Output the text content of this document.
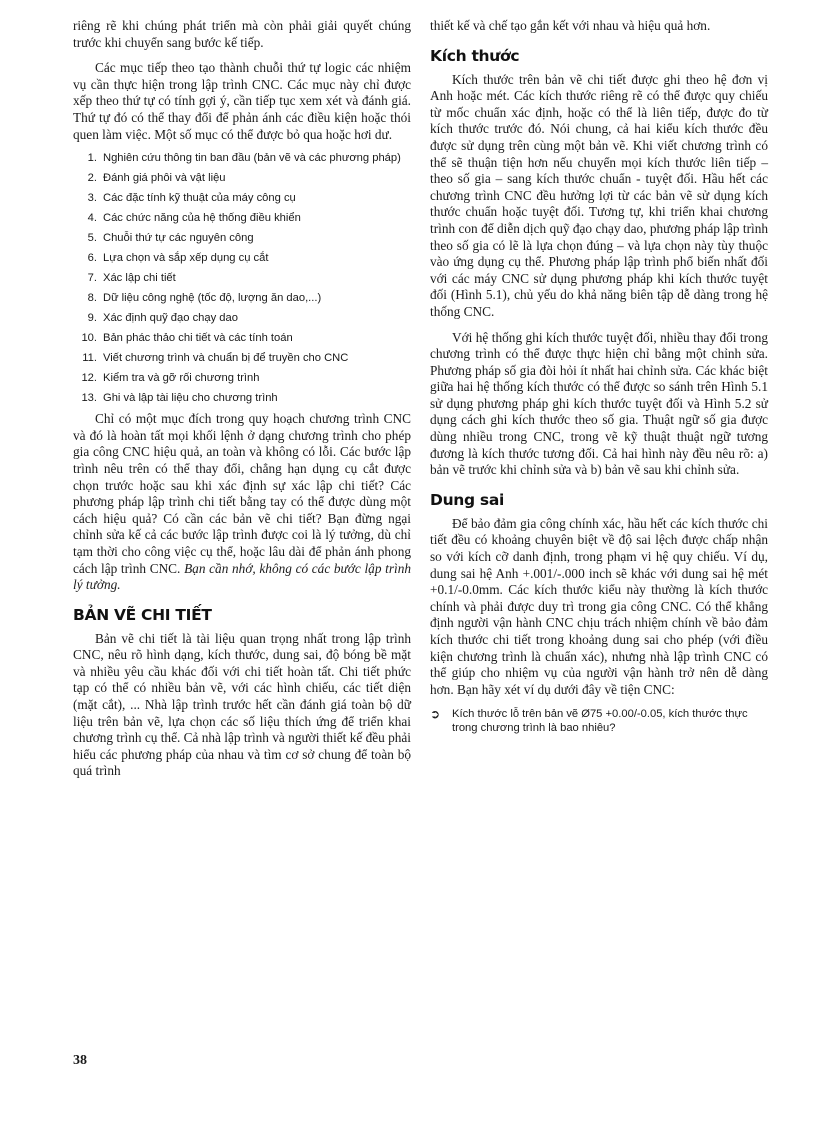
riêng rẽ khi chúng phát triển mà còn phải giải quyết chúng trước khi chuyển sang bước kế tiếp.

Các mục tiếp theo tạo thành chuỗi thứ tự logic các nhiệm vụ cần thực hiện trong lập trình CNC. Các mục này chỉ được xếp theo thứ tự có tính gợi ý, cần tiếp tục xem xét và đánh giá. Thứ tự đó có thể thay đổi để phản ánh các điều kiện hoặc thói quen làm việc. Một số mục có thể được bỏ qua hoặc hơi dư.

1. Nghiên cứu thông tin ban đầu (bản vẽ và các phương pháp)
2. Đánh giá phôi và vật liệu
3. Các đặc tính kỹ thuật của máy công cụ
4. Các chức năng của hệ thống điều khiển
5. Chuỗi thứ tự các nguyên công
6. Lựa chọn và sắp xếp dụng cụ cắt
7. Xác lập chi tiết
8. Dữ liệu công nghệ (tốc độ, lượng ăn dao,...)
9. Xác định quỹ đạo chạy dao
10. Bản phác thảo chi tiết và các tính toán
11. Viết chương trình và chuẩn bị để truyền cho CNC
12. Kiểm tra và gỡ rối chương trình
13. Ghi và lập tài liệu cho chương trình

Chỉ có một mục đích trong quy hoạch chương trình CNC và đó là hoàn tất mọi khối lệnh ở dạng chương trình cho phép gia công CNC hiệu quả, an toàn và không có lỗi. Các bước lập trình nêu trên có thể thay đổi, chẳng hạn dụng cụ cắt được chọn trước hoặc sau khi xác định sự xác lập chi tiết? Các phương pháp lập trình chi tiết bằng tay có thể được dùng một cách hiệu quả? Có cần các bản vẽ chi tiết? Bạn đừng ngại chỉnh sửa kế cả các bước lập trình được coi là lý tưởng, dù chỉ tạm thời cho công việc cụ thể, hoặc lâu dài để phản ánh phong cách lập trình CNC. Bạn cần nhớ, không có các bước lập trình lý tưởng.

BẢN VẼ CHI TIẾT

Bản vẽ chi tiết là tài liệu quan trọng nhất trong lập trình CNC, nêu rõ hình dạng, kích thước, dung sai, độ bóng bề mặt và nhiều yêu cầu khác đối với chi tiết hoàn tất. Chi tiết phức tạp có thể có nhiều bản vẽ, với các hình chiếu, các tiết diện (mặt cắt), ... Nhà lập trình trước hết cần đánh giá toàn bộ dữ liệu trên bản vẽ, lựa chọn các số liệu thích ứng để triển khai chương trình cụ thể. Cả nhà lập trình và người thiết kế đều phải hiểu các phương pháp của nhau và tìm cơ sở chung để toàn bộ quá trình

thiết kế và chế tạo gắn kết với nhau và hiệu quả hơn.

Kích thước

Kích thước trên bản vẽ chi tiết được ghi theo hệ đơn vị Anh hoặc mét. Các kích thước riêng rẽ có thể được quy chiếu từ mốc chuẩn xác định, hoặc có thể là liên tiếp, được đo từ kích thước trước đó. Nói chung, cả hai kiểu kích thước đều được sử dụng trên cùng một bản vẽ. Khi viết chương trình có thể sẽ thuận tiện hơn nếu chuyển mọi kích thước liên tiếp – theo số gia – sang kích thước chuẩn - tuyệt đối. Hầu hết các chương trình CNC đều hưởng lợi từ các bản vẽ sử dụng kích thước chuẩn hoặc tuyệt đối. Tương tự, khi triển khai chương trình con để diễn dịch quỹ đạo chạy dao, phương pháp lập trình theo số gia có lẽ là lựa chọn đúng – và lựa chọn này tùy thuộc vào ứng dụng cụ thể. Phương pháp lập trình phổ biến nhất đối với các máy CNC sử dụng phương pháp khi kích thước tuyệt đối (Hình 5.1), chủ yếu do khả năng biên tập dễ dàng trong hệ thống CNC.

Với hệ thống ghi kích thước tuyệt đối, nhiều thay đổi trong chương trình có thể được thực hiện chỉ bằng một chỉnh sửa. Phương pháp số gia đòi hỏi ít nhất hai chỉnh sửa. Các khác biệt giữa hai hệ thống kích thước có thể được so sánh trên Hình 5.1 sử dụng phương pháp ghi kích thước tuyệt đối và Hình 5.2 sử dụng cách ghi kích thước theo số gia. Thuật ngữ số gia được dùng nhiều trong CNC, trong vẽ kỹ thuật thuật ngữ tương đương là kích thước tương đối. Cả hai hình này đều nêu rõ: a) bản vẽ trước khi chỉnh sửa và b) bản vẽ sau khi chỉnh sửa.

Dung sai

Để bảo đảm gia công chính xác, hầu hết các kích thước chi tiết đều có khoảng chuyên biệt về độ sai lệch được chấp nhận so với kích cỡ danh định, trong phạm vi hệ quy chiếu. Ví dụ, dung sai hệ Anh +.001/-.000 inch sẽ khác với dung sai hệ mét +0.1/-0.0mm. Các kích thước kiểu này thường là kích thước chính và phải được duy trì trong gia công CNC. Có thể khẳng định người vận hành CNC chịu trách nhiệm chính về bảo đảm kích thước chi tiết trong khoảng dung sai cho phép (với điều kiện chương trình là chuẩn xác), nhưng nhà lập trình CNC có thể giúp cho nhiệm vụ của người vận hành trở nên dễ dàng hơn. Bạn hãy xét ví dụ dưới đây về tiện CNC:

➲	Kích thước lỗ trên bản vẽ Ø75 +0.00/-0.05, kích thước thực trong chương trình là bao nhiêu?
38
